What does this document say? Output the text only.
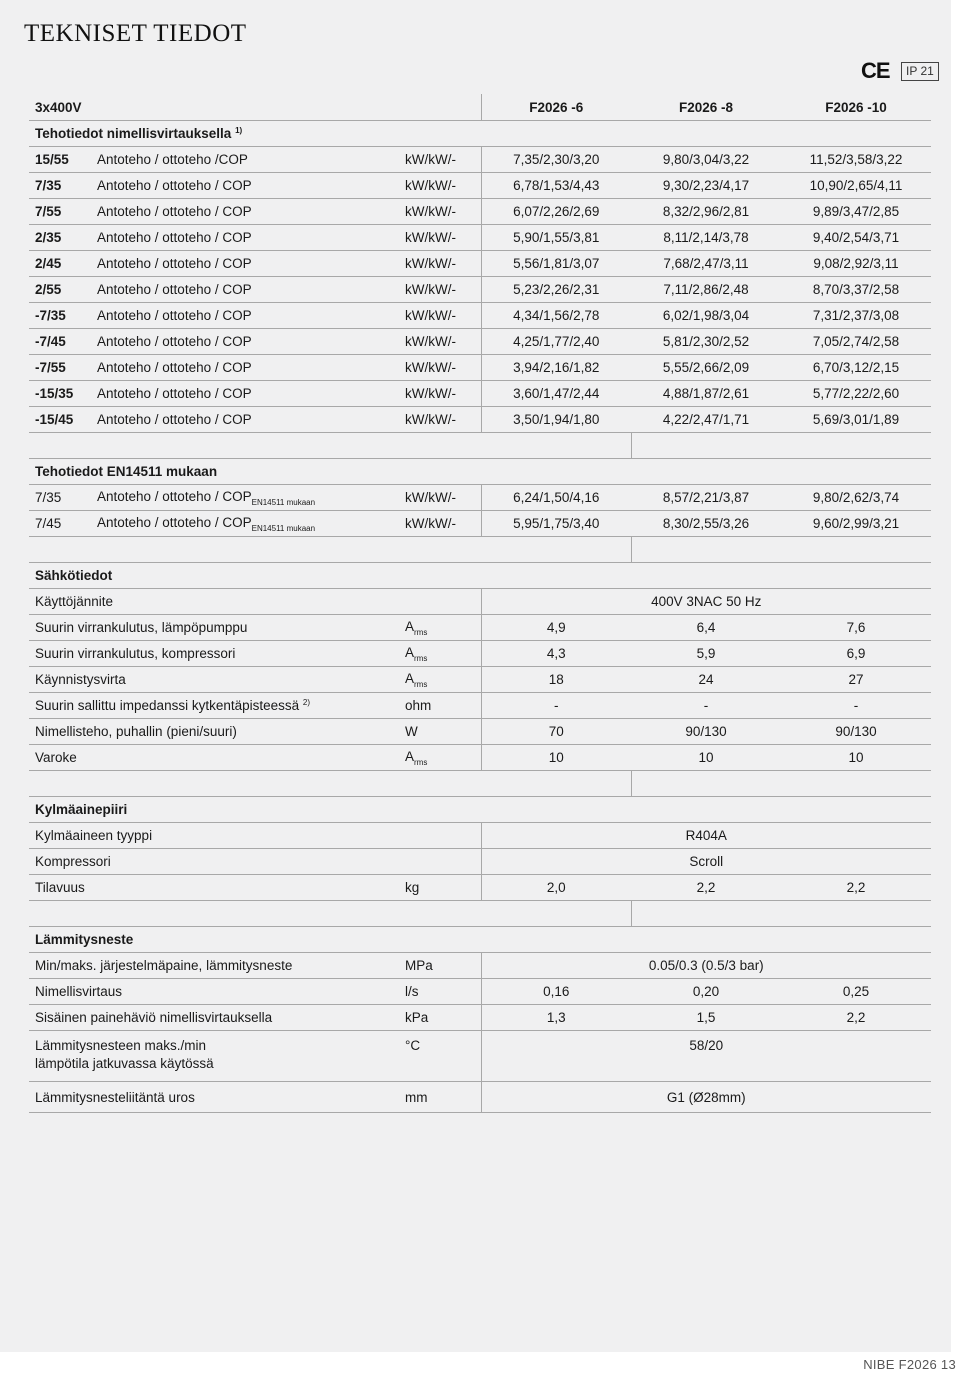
TEKNISET TIEDOT
CE	IP 21
3x400V			F2026 -6	F2026 -8	F2026 -10
Tehotiedot nimellisvirtauksella $^{1)}$			
15/55	Antoteho / ottoteho /COP	kW/kW/-	7,35/2,30/3,20	9,80/3,04/3,22	11,52/3,58/3,22
7/35	Antoteho / ottoteho / COP	kW/kW/-	6,78/1,53/4,43	9,30/2,23/4,17	10,90/2,65/4,11
7/55	Antoteho / ottoteho / COP	kW/kW/-	6,07/2,26/2,69	8,32/2,96/2,81	9,89/3,47/2,85
2/35	Antoteho / ottoteho / COP	kW/kW/-	5,90/1,55/3,81	8,11/2,14/3,78	9,40/2,54/3,71
2/45	Antoteho / ottoteho / COP	kW/kW/-	5,56/1,81/3,07	7,68/2,47/3,11	9,08/2,92/3,11
2/55	Antoteho / ottoteho / COP	kW/kW/-	5,23/2,26/2,31	7,11/2,86/2,48	8,70/3,37/2,58
-7/35	Antoteho / ottoteho / COP	kW/kW/-	4,34/1,56/2,78	6,02/1,98/3,04	7,31/2,37/3,08
-7/45	Antoteho / ottoteho / COP	kW/kW/-	4,25/1,77/2,40	5,81/2,30/2,52	7,05/2,74/2,58
-7/55	Antoteho / ottoteho / COP	kW/kW/-	3,94/2,16/1,82	5,55/2,66/2,09	6,70/3,12/2,15
-15/35	Antoteho / ottoteho / COP	kW/kW/-	3,60/1,47/2,44	4,88/1,87/2,61	5,77/2,22/2,60
-15/45	Antoteho / ottoteho / COP	kW/kW/-	3,50/1,94/1,80	4,22/2,47/1,71	5,69/3,01/1,89

Tehotiedot EN14511 mukaan					
7/35	Antoteho / ottoteho / $COP_{EN14511 mukaan}$	kW/kW/-	6,24/1,50/4,16	8,57/2,21/3,87	9,80/2,62/3,74
7/45	Antoteho / ottoteho / $COP_{EN14511 mukaan}$	kW/kW/-	5,95/1,75/3,40	8,30/2,55/3,26	9,60/2,99/3,21

Sähkötiedot					
Käyttöjännite			400V 3NAC 50 Hz		
Suurin virrankulutus, lämpöpumppu		$A_{rms}$	4,9	6,4	7,6
Suurin virrankulutus, kompressori		$A_{rms}$	4,3	5,9	6,9
Käynnistysvirta		$A_{rms}$	18	24	27
Suurin sallittu impedanssi kytkentäpisteessä $^{2)}$		ohm	-	-	-
Nimellisteho, puhallin (pieni/suuri)		W	70	90/130	90/130
Varoke		$A_{rms}$	10	10	10

Kylmäainepiiri					
Kylmäaineen tyyppi			R404A		
Kompressori			Scroll		
Tilavuus		kg	2,0	2,2	2,2

Lämmitysneste					
Min/maks. järjestelmäpaine, lämmitysneste		MPa	0.05/0.3 (0.5/3 bar)		
Nimellisvirtaus		l/s	0,16	0,20	0,25
Sisäinen painehäviö nimellisvirtauksella		kPa	1,3	1,5	2,2
Lämmitysnesteen maks./min lämpötila jatkuvassa käytössä		°C	58/20		
Lämmitysnesteliitäntä uros		mm	G1 (Ø28mm)		
NIBE F2026 13
